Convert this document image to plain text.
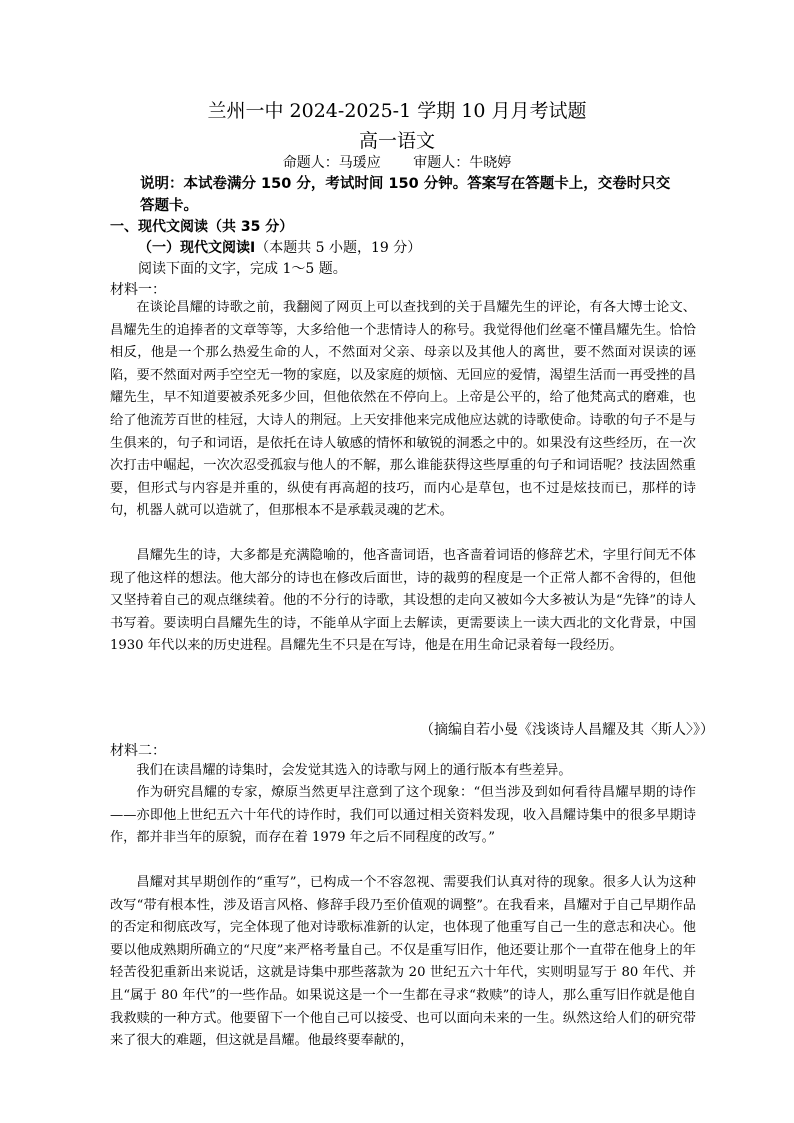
兰州一中 2024-2025-1 学期 10 月月考试题
高一语文
命题人：马瑗应 审题人：牛晓婷
说明：本试卷满分 150 分，考试时间 150 分钟。答案写在答题卡上，交卷时只交答题卡。
一、现代文阅读（共 35 分）
（一）现代文阅读Ⅰ（本题共 5 小题，19 分）
阅读下面的文字，完成 1～5 题。
材料一：
在谈论昌耀的诗歌之前，我翻阅了网页上可以查找到的关于昌耀先生的评论，有各大博士论文、昌耀先生的追捧者的文章等等，大多给他一个悲情诗人的称号。我觉得他们丝毫不懂昌耀先生。恰恰相反，他是一个那么热爱生命的人，不然面对父亲、母亲以及其他人的离世，要不然面对误读的诬陷，要不然面对两手空空无一物的家庭，以及家庭的烦恼、无回应的爱情，渴望生活而一再受挫的昌耀先生，早不知道要被杀死多少回，但他依然在不停向上。上帝是公平的，给了他梵高式的磨难，也给了他流芳百世的桂冠，大诗人的荆冠。上天安排他来完成他应达就的诗歌使命。诗歌的句子不是与生俱来的，句子和词语，是依托在诗人敏感的情怀和敏锐的洞悉之中的。如果没有这些经历，在一次次打击中崛起，一次次忍受孤寂与他人的不解，那么谁能获得这些厚重的句子和词语呢？技法固然重要，但形式与内容是并重的，纵使有再高超的技巧，而内心是草包，也不过是炫技而已，那样的诗句，机器人就可以造就了，但那根本不是承载灵魂的艺术。
昌耀先生的诗，大多都是充满隐喻的，他吝啬词语，也吝啬着词语的修辞艺术，字里行间无不体现了他这样的想法。他大部分的诗也在修改后面世，诗的裁剪的程度是一个正常人都不舍得的，但他又坚持着自己的观点继续着。他的不分行的诗歌，其设想的走向又被如今大多被认为是“先锋”的诗人书写着。要读明白昌耀先生的诗，不能单从字面上去解读，更需要读上一读大西北的文化背景，中国 1930 年代以来的历史进程。昌耀先生不只是在写诗，他是在用生命记录着每一段经历。
（摘编自若小曼《浅谈诗人昌耀及其〈斯人〉》）
材料二：
我们在读昌耀的诗集时，会发觉其选入的诗歌与网上的通行版本有些差异。
作为研究昌耀的专家，燎原当然更早注意到了这个现象：“但当涉及到如何看待昌耀早期的诗作——亦即他上世纪五六十年代的诗作时，我们可以通过相关资料发现，收入昌耀诗集中的很多早期诗作，都并非当年的原貌，而存在着 1979 年之后不同程度的改写。”
昌耀对其早期创作的“重写”，已构成一个不容忽视、需要我们认真对待的现象。很多人认为这种改写“带有根本性，涉及语言风格、修辞手段乃至价值观的调整”。在我看来，昌耀对于自己早期作品的否定和彻底改写，完全体现了他对诗歌标准新的认定，也体现了他重写自己一生的意志和决心。他要以他成熟期所确立的“尺度”来严格考量自己。不仅是重写旧作，他还要让那个一直带在他身上的年轻苦役犯重新出来说话，这就是诗集中那些落款为 20 世纪五六十年代，实则明显写于 80 年代、并且“属于 80 年代”的一些作品。如果说这是一个一生都在寻求“救赎”的诗人，那么重写旧作就是他自我救赎的一种方式。他要留下一个他自己可以接受、也可以面向未来的一生。纵然这给人们的研究带来了很大的难题，但这就是昌耀。他最终要奉献的，
